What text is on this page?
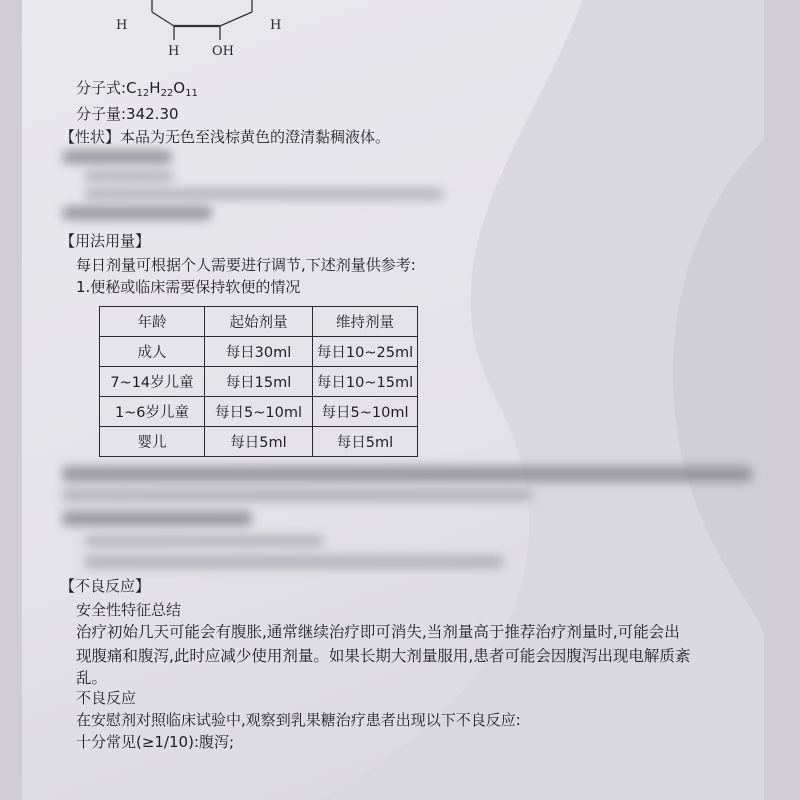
H	H
H	OH
分子式$:C_{12}H_{22}O_{11}$
分子量:342.30
【性状】本品为无色至浅棕黄色的澄清黏稠液体。
【用法用量】
每日剂量可根据个人需要进行调节,下述剂量供参考:
1.便秘或临床需要保持软便的情况
年龄	起始剂量	维持剂量
成人	每日30ml	每日10~25ml
7~14岁儿童	每日15ml	每日10~15ml
1~6岁儿童	每日5~10ml	每日5~10ml
婴儿	每日5ml	每日5ml
【不良反应】
安全性特征总结
治疗初始几天可能会有腹胀,通常继续治疗即可消失,当剂量高于推荐治疗剂量时,可能会出
现腹痛和腹泻,此时应减少使用剂量。如果长期大剂量服用,患者可能会因腹泻出现电解质紊
乱。
不良反应
在安慰剂对照临床试验中,观察到乳果糖治疗患者出现以下不良反应:
十分常见(≥1/10):腹泻;
